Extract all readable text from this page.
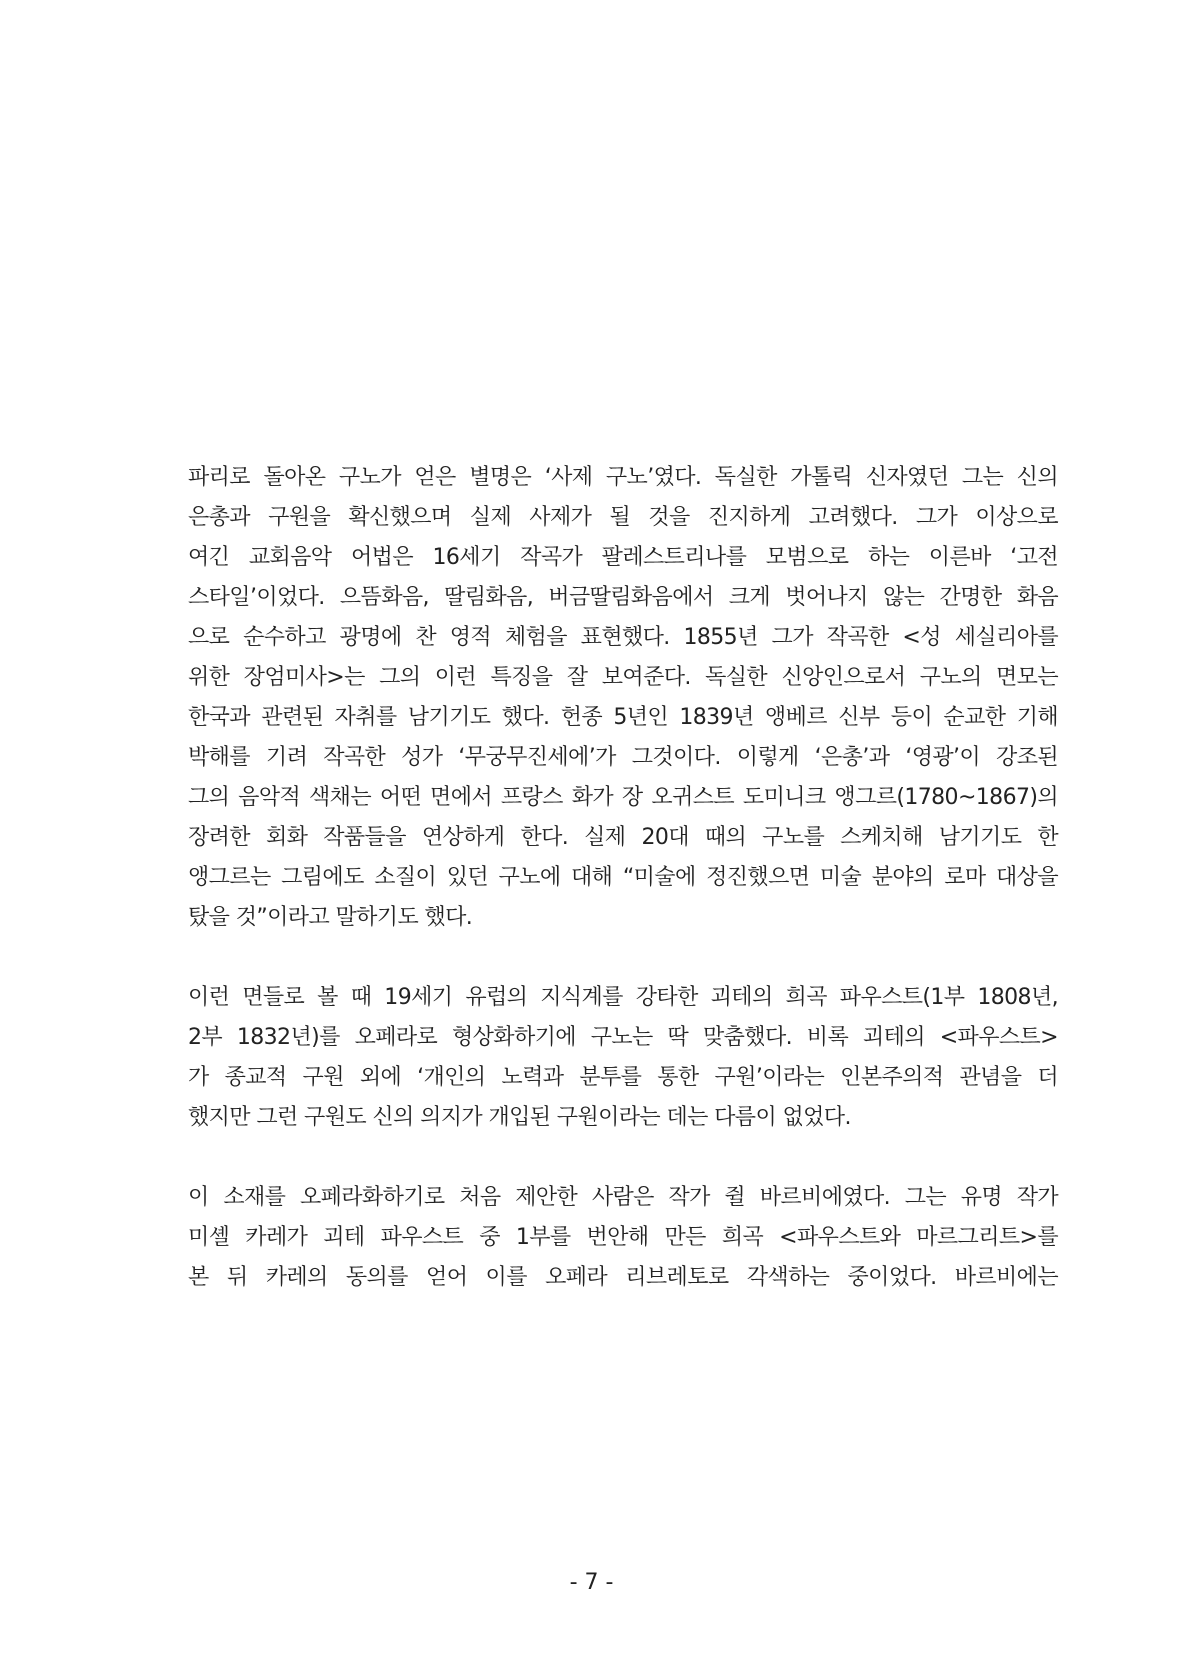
파리로 돌아온 구노가 얻은 별명은 ‘사제 구노’였다. 독실한 가톨릭 신자였던 그는 신의
은총과 구원을 확신했으며 실제 사제가 될 것을 진지하게 고려했다. 그가 이상으로
여긴 교회음악 어법은 16세기 작곡가 팔레스트리나를 모범으로 하는 이른바 ‘고전
스타일’이었다. 으뜸화음, 딸림화음, 버금딸림화음에서 크게 벗어나지 않는 간명한 화음
으로 순수하고 광명에 찬 영적 체험을 표현했다. 1855년 그가 작곡한 <성 세실리아를
위한 장엄미사>는 그의 이런 특징을 잘 보여준다. 독실한 신앙인으로서 구노의 면모는
한국과 관련된 자취를 남기기도 했다. 헌종 5년인 1839년 앵베르 신부 등이 순교한 기해
박해를 기려 작곡한 성가 ‘무궁무진세에’가 그것이다. 이렇게 ‘은총’과 ‘영광’이 강조된
그의 음악적 색채는 어떤 면에서 프랑스 화가 장 오귀스트 도미니크 앵그르(1780~1867)의
장려한 회화 작품들을 연상하게 한다. 실제 20대 때의 구노를 스케치해 남기기도 한
앵그르는 그림에도 소질이 있던 구노에 대해 “미술에 정진했으면 미술 분야의 로마 대상을
탔을 것”이라고 말하기도 했다.

이런 면들로 볼 때 19세기 유럽의 지식계를 강타한 괴테의 희곡 파우스트(1부 1808년,
2부 1832년)를 오페라로 형상화하기에 구노는 딱 맞춤했다. 비록 괴테의 <파우스트>
가 종교적 구원 외에 ‘개인의 노력과 분투를 통한 구원’이라는 인본주의적 관념을 더
했지만 그런 구원도 신의 의지가 개입된 구원이라는 데는 다름이 없었다.

이 소재를 오페라화하기로 처음 제안한 사람은 작가 쥘 바르비에였다. 그는 유명 작가
미셸 카레가 괴테 파우스트 중 1부를 번안해 만든 희곡 <파우스트와 마르그리트>를
본 뒤 카레의 동의를 얻어 이를 오페라 리브레토로 각색하는 중이었다. 바르비에는

- 7 -
